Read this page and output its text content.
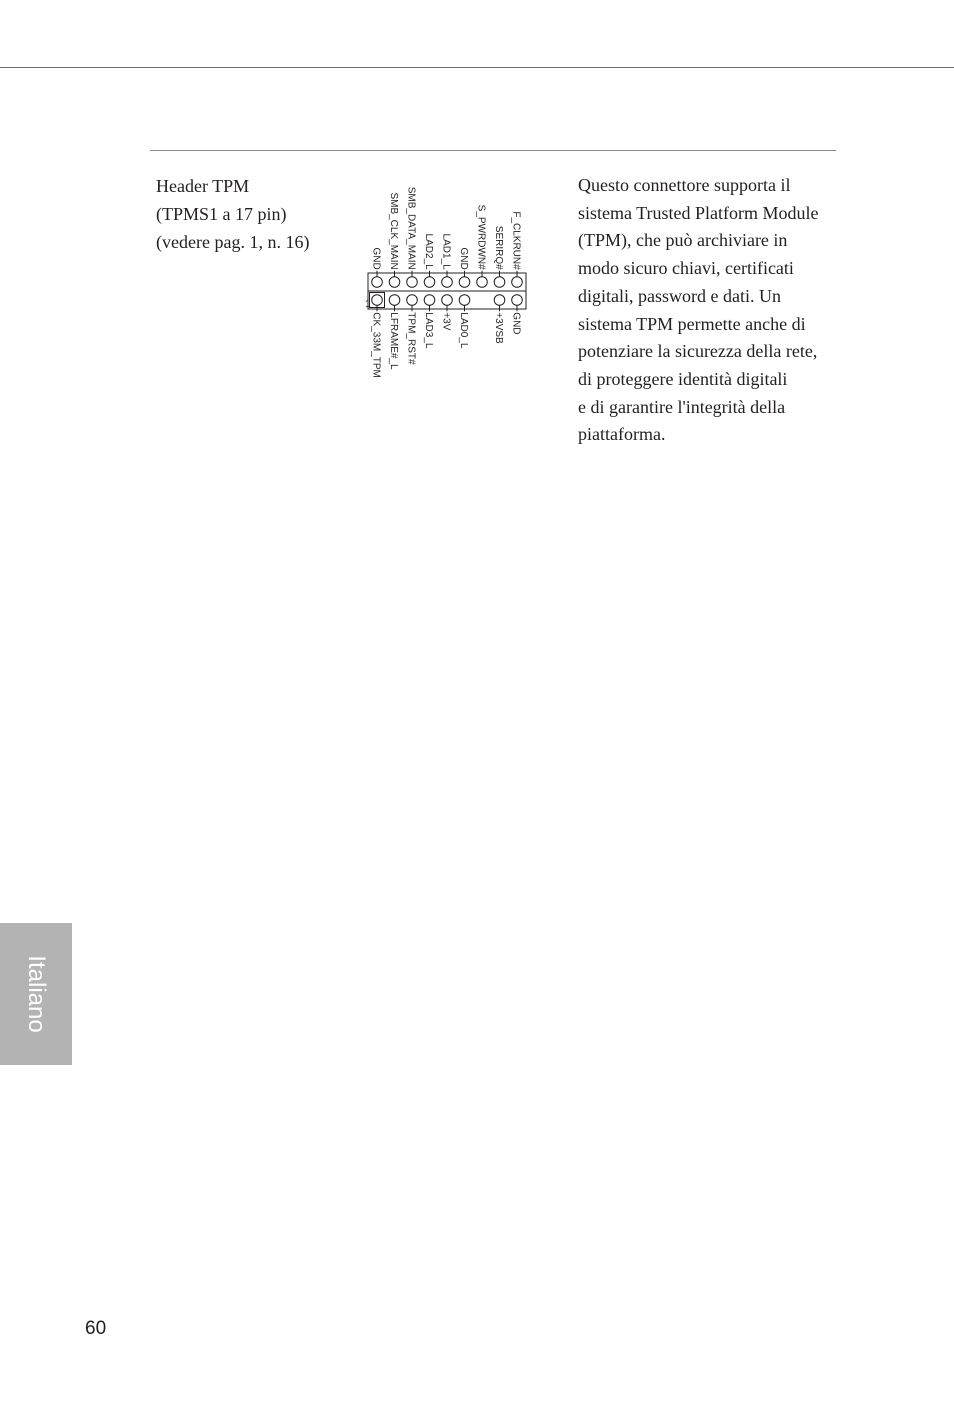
Header TPM
(TPMS1 a 17 pin)
(vedere pag. 1, n. 16)
GND
CK_33M_TPM
SMB_CLK_MAIN
LFRAME#_L
SMB_DATA_MAIN
TPM_RST#
LAD2_L
LAD3_L
LAD1_L
+3V
GND
LAD0_L
S_PWRDWN# SERIRQ#
+3VSB
F_CLKRUN#
GND
1
Questo connettore supporta il
sistema Trusted Platform Module
(TPM), che può archiviare in
modo sicuro chiavi, certificati
digitali, password e dati. Un
sistema TPM permette anche di
potenziare la sicurezza della rete,
di proteggere identità digitali
e di garantire l'integrità della
piattaforma.
Italiano
60
